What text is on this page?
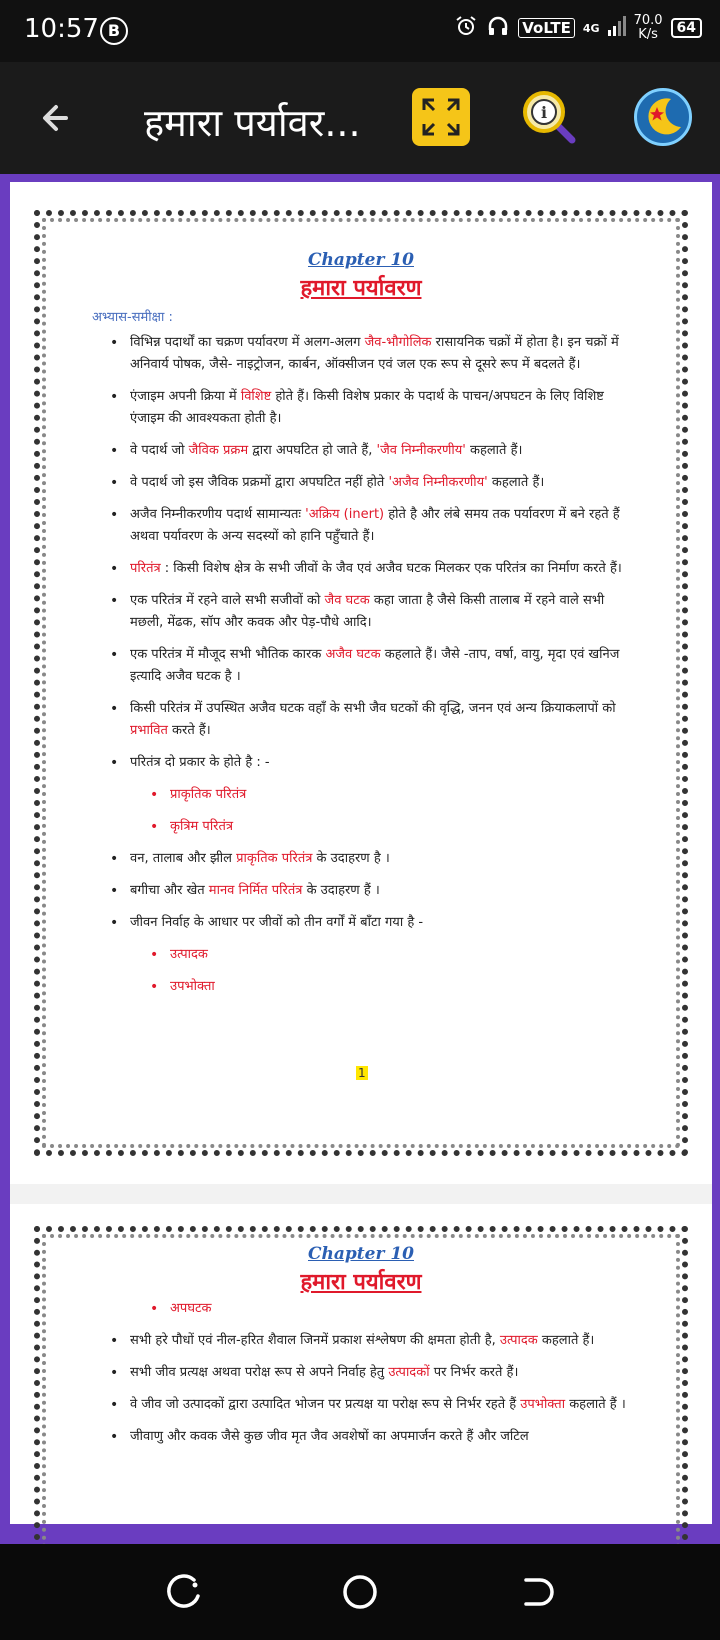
10:57 B	VoLTE	4G	70.0
K/s	64
हमारा पर्यावर...	i
Chapter 10
हमारा पर्यावरण
अभ्यास-समीक्षा :
• विभिन्न पदार्थों का चक्रण पर्यावरण में अलग-अलग जैव-भौगोलिक रासायनिक चक्रों में होता है। इन चक्रों में अनिवार्य पोषक, जैसे- नाइट्रोजन, कार्बन, ऑक्सीजन एवं जल एक रूप से दूसरे रूप में बदलते हैं।
• एंजाइम अपनी क्रिया में विशिष्ट होते हैं। किसी विशेष प्रकार के पदार्थ के पाचन/अपघटन के लिए विशिष्ट एंजाइम की आवश्यकता होती है।
• वे पदार्थ जो जैविक प्रक्रम द्वारा अपघटित हो जाते हैं, 'जैव निम्नीकरणीय' कहलाते हैं।
• वे पदार्थ जो इस जैविक प्रक्रमों द्वारा अपघटित नहीं होते 'अजैव निम्नीकरणीय' कहलाते हैं।
• अजैव निम्नीकरणीय पदार्थ सामान्यतः 'अक्रिय (inert) होते है और लंबे समय तक पर्यावरण में बने रहते हैं अथवा पर्यावरण के अन्य सदस्यों को हानि पहुँचाते हैं।
• परितंत्र : किसी विशेष क्षेत्र के सभी जीवों के जैव एवं अजैव घटक मिलकर एक परितंत्र का निर्माण करते हैं।
• एक परितंत्र में रहने वाले सभी सजीवों को जैव घटक कहा जाता है जैसे किसी तालाब में रहने वाले सभी मछली, मेंढक, सॉप और कवक और पेड़-पौधे आदि।
• एक परितंत्र में मौजूद सभी भौतिक कारक अजैव घटक कहलाते हैं। जैसे -ताप, वर्षा, वायु, मृदा एवं खनिज इत्यादि अजैव घटक है ।
• किसी परितंत्र में उपस्थित अजैव घटक वहाँ के सभी जैव घटकों की वृद्धि, जनन एवं अन्य क्रियाकलापों को प्रभावित करते हैं।
• परितंत्र दो प्रकार के होते है : -
• प्राकृतिक परितंत्र
• कृत्रिम परितंत्र
• वन, तालाब और झील प्राकृतिक परितंत्र के उदाहरण है ।
• बगीचा और खेत मानव निर्मित परितंत्र के उदाहरण हैं ।
• जीवन निर्वाह के आधार पर जीवों को तीन वर्गों में बाँटा गया है -
• उत्पादक
• उपभोक्ता
1
Chapter 10
हमारा पर्यावरण
• अपघटक
• सभी हरे पौधों एवं नील-हरित शैवाल जिनमें प्रकाश संश्लेषण की क्षमता होती है, उत्पादक कहलाते हैं।
• सभी जीव प्रत्यक्ष अथवा परोक्ष रूप से अपने निर्वाह हेतु उत्पादकों पर निर्भर करते हैं।
• वे जीव जो उत्पादकों द्वारा उत्पादित भोजन पर प्रत्यक्ष या परोक्ष रूप से निर्भर रहते हैं उपभोक्ता कहलाते हैं ।
• जीवाणु और कवक जैसे कुछ जीव मृत जैव अवशेषों का अपमार्जन करते हैं और जटिल
